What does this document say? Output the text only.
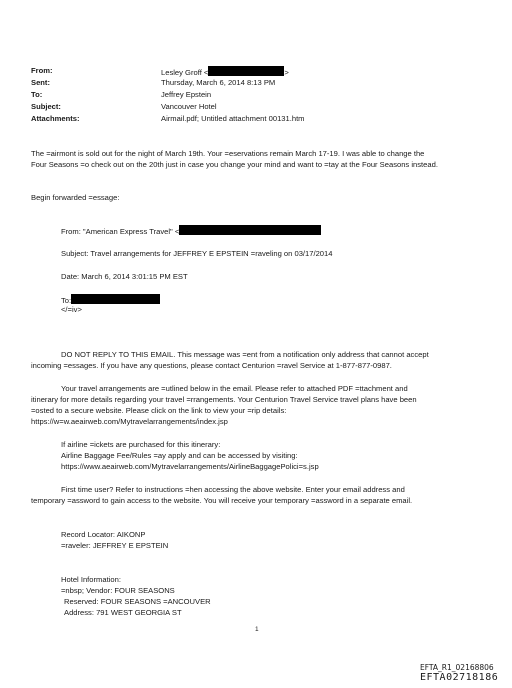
From:	Lesley Groff <	>
Sent:	Thursday, March 6, 2014 8:13 PM
To:	Jeffrey Epstein
Subject:	Vancouver Hotel
Attachments:	Airmail.pdf; Untitled attachment 00131.htm
The =airmont is sold out for the night of March 19th. Your =eservations remain March 17-19. I was able to change the
Four Seasons =o check out on the 20th just in case you change your mind and want to =tay at the Four Seasons instead.
Begin forwarded =essage:
From: "American Express Travel" <
Subject: Travel arrangements for JEFFREY E EPSTEIN =raveling on 03/17/2014
Date: March 6, 2014 3:01:15 PM EST
To:
</=iv>
DO NOT REPLY TO THIS EMAIL. This message was =ent from a notification only address that cannot accept
incoming =essages. If you have any questions, please contact Centurion =ravel Service at 1-877-877-0987.
Your travel arrangements are =utlined below in the email. Please refer to attached PDF =ttachment and
itinerary for more details regarding your travel =rrangements. Your Centurion Travel Service travel plans have been
=osted to a secure website. Please click on the link to view your =rip details:
https://w=w.aeairweb.com/Mytravelarrangements/index.jsp
If airline =ickets are purchased for this itinerary:
Airline Baggage Fee/Rules =ay apply and can be accessed by visiting:
https://www.aeairweb.com/Mytravelarrangements/AirlineBaggagePolici=s.jsp
First time user? Refer to instructions =hen accessing the above website. Enter your email address and
temporary =assword to gain access to the website. You will receive your temporary =assword in a separate email.
Record Locator: AIKONP
=raveler: JEFFREY E EPSTEIN
Hotel Information:
=nbsp; Vendor: FOUR SEASONS
Reserved: FOUR SEASONS =ANCOUVER
Address: 791 WEST GEORGIA ST
1
EFTA_R1_02168806
EFTA02718186
